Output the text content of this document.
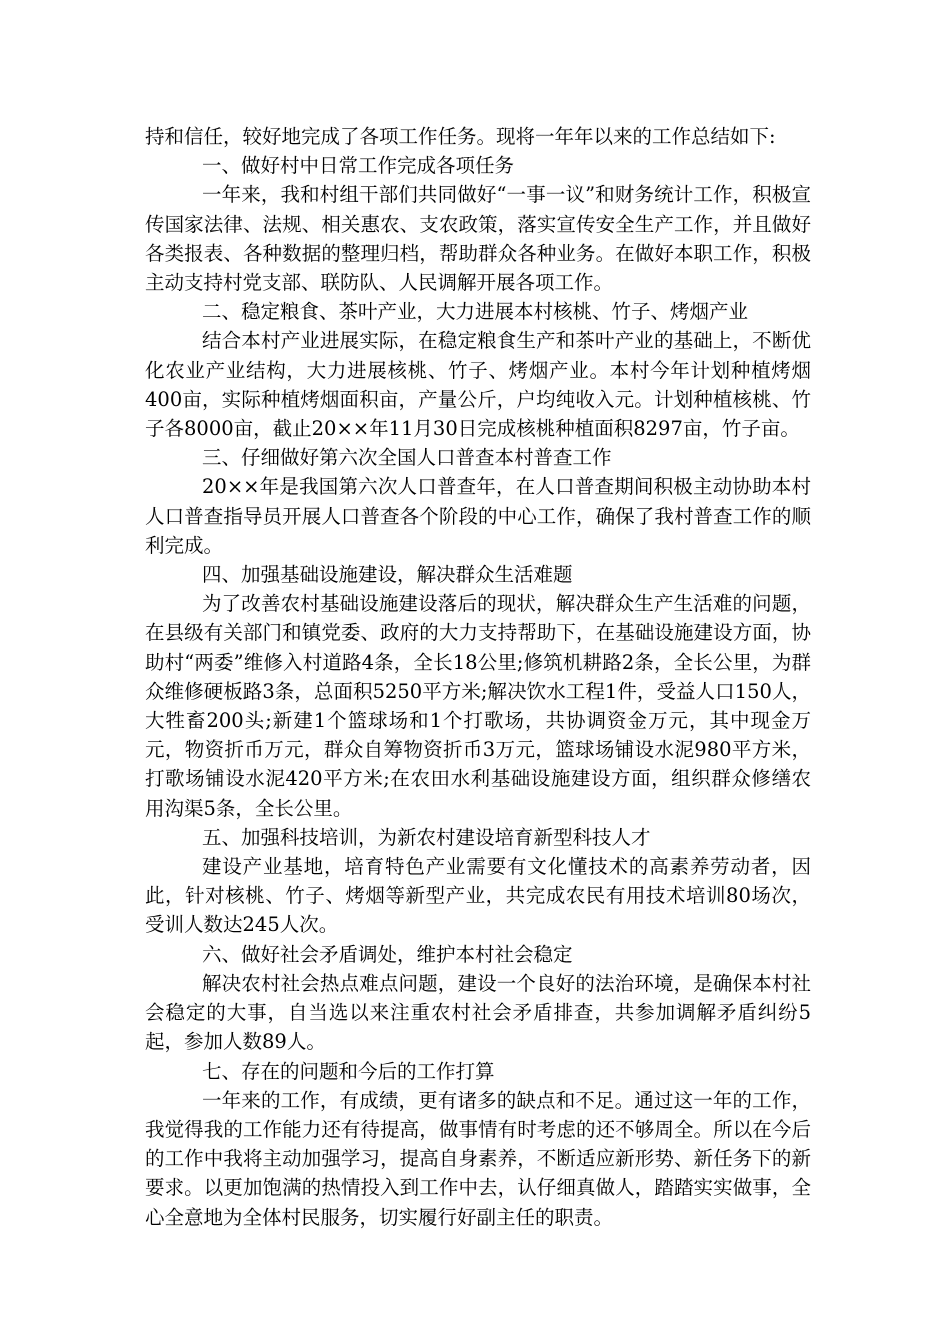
持和信任，较好地完成了各项工作任务。现将一年年以来的工作总结如下:

一、做好村中日常工作完成各项任务

一年来，我和村组干部们共同做好“一事一议”和财务统计工作，积极宣传国家法律、法规、相关惠农、支农政策，落实宣传安全生产工作，并且做好各类报表、各种数据的整理归档，帮助群众各种业务。在做好本职工作，积极主动支持村党支部、联防队、人民调解开展各项工作。

二、稳定粮食、茶叶产业，大力进展本村核桃、竹子、烤烟产业

结合本村产业进展实际，在稳定粮食生产和茶叶产业的基础上，不断优化农业产业结构，大力进展核桃、竹子、烤烟产业。本村今年计划种植烤烟400亩，实际种植烤烟面积亩，产量公斤，户均纯收入元。计划种植核桃、竹子各8000亩，截止20××年11月30日完成核桃种植面积8297亩，竹子亩。

三、仔细做好第六次全国人口普查本村普查工作

20××年是我国第六次人口普查年，在人口普查期间积极主动协助本村人口普查指导员开展人口普查各个阶段的中心工作，确保了我村普查工作的顺利完成。

四、加强基础设施建设，解决群众生活难题

为了改善农村基础设施建设落后的现状，解决群众生产生活难的问题，在县级有关部门和镇党委、政府的大力支持帮助下，在基础设施建设方面，协助村“两委”维修入村道路4条，全长18公里;修筑机耕路2条，全长公里，为群众维修硬板路3条，总面积5250平方米;解决饮水工程1件，受益人口150人，大牲畜200头;新建1个篮球场和1个打歌场，共协调资金万元，其中现金万元，物资折币万元，群众自筹物资折币3万元，篮球场铺设水泥980平方米，打歌场铺设水泥420平方米;在农田水利基础设施建设方面，组织群众修缮农用沟渠5条，全长公里。

五、加强科技培训，为新农村建设培育新型科技人才

建设产业基地，培育特色产业需要有文化懂技术的高素养劳动者，因此，针对核桃、竹子、烤烟等新型产业，共完成农民有用技术培训80场次，受训人数达245人次。

六、做好社会矛盾调处，维护本村社会稳定

解决农村社会热点难点问题，建设一个良好的法治环境，是确保本村社会稳定的大事，自当选以来注重农村社会矛盾排查，共参加调解矛盾纠纷5起，参加人数89人。

七、存在的问题和今后的工作打算

一年来的工作，有成绩，更有诸多的缺点和不足。通过这一年的工作，我觉得我的工作能力还有待提高，做事情有时考虑的还不够周全。所以在今后的工作中我将主动加强学习，提高自身素养，不断适应新形势、新任务下的新要求。以更加饱满的热情投入到工作中去，认仔细真做人，踏踏实实做事，全心全意地为全体村民服务，切实履行好副主任的职责。
